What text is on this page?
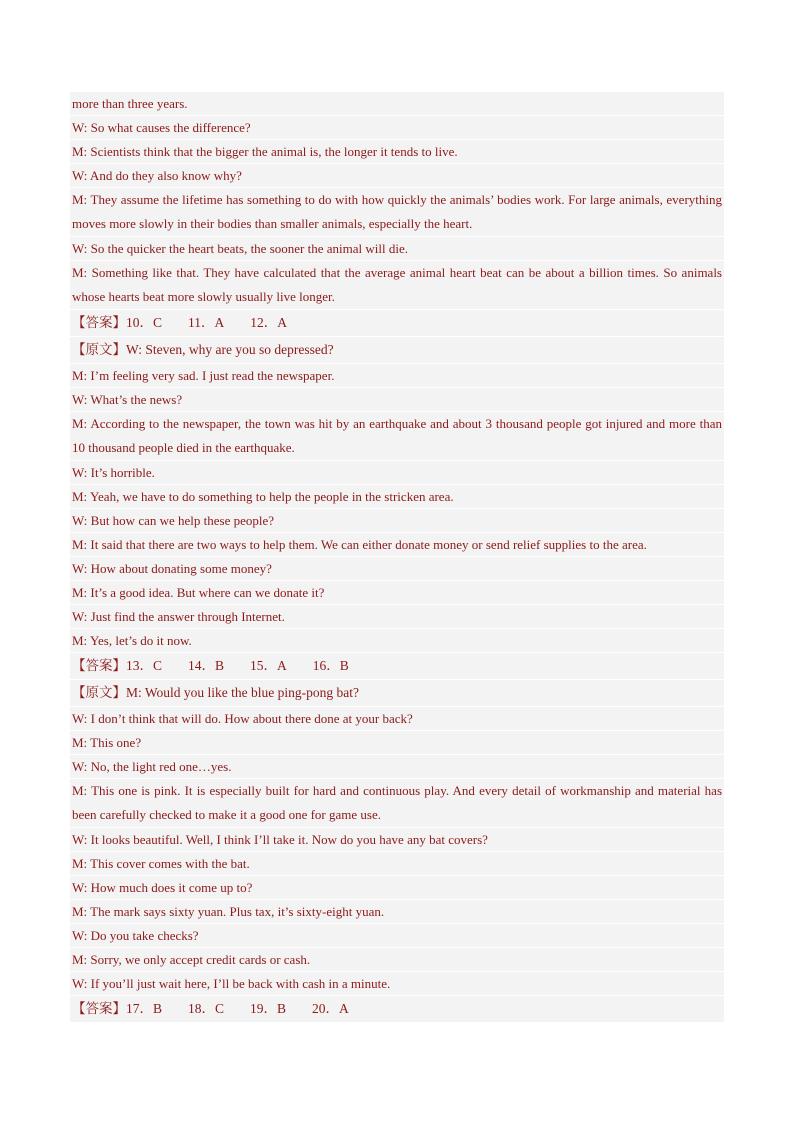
more than three years.
W: So what causes the difference?
M: Scientists think that the bigger the animal is, the longer it tends to live.
W: And do they also know why?
M: They assume the lifetime has something to do with how quickly the animals’ bodies work. For large animals, everything moves more slowly in their bodies than smaller animals, especially the heart.
W: So the quicker the heart beats, the sooner the animal will die.
M: Something like that. They have calculated that the average animal heart beat can be about a billion times. So animals whose hearts beat more slowly usually live longer.
【答案】10．C 11．A 12．A
【原文】W: Steven, why are you so depressed?
M: I’m feeling very sad. I just read the newspaper.
W: What’s the news?
M: According to the newspaper, the town was hit by an earthquake and about 3 thousand people got injured and more than 10 thousand people died in the earthquake.
W: It’s horrible.
M: Yeah, we have to do something to help the people in the stricken area.
W: But how can we help these people?
M: It said that there are two ways to help them. We can either donate money or send relief supplies to the area.
W: How about donating some money?
M: It’s a good idea. But where can we donate it?
W: Just find the answer through Internet.
M: Yes, let’s do it now.
【答案】13．C 14．B 15．A 16．B
【原文】M: Would you like the blue ping-pong bat?
W: I don’t think that will do. How about there done at your back?
M: This one?
W: No, the light red one…yes.
M: This one is pink. It is especially built for hard and continuous play. And every detail of workmanship and material has been carefully checked to make it a good one for game use.
W: It looks beautiful. Well, I think I’ll take it. Now do you have any bat covers?
M: This cover comes with the bat.
W: How much does it come up to?
M: The mark says sixty yuan. Plus tax, it’s sixty-eight yuan.
W: Do you take checks?
M: Sorry, we only accept credit cards or cash.
W: If you’ll just wait here, I’ll be back with cash in a minute.
【答案】17．B 18．C 19．B 20．A
